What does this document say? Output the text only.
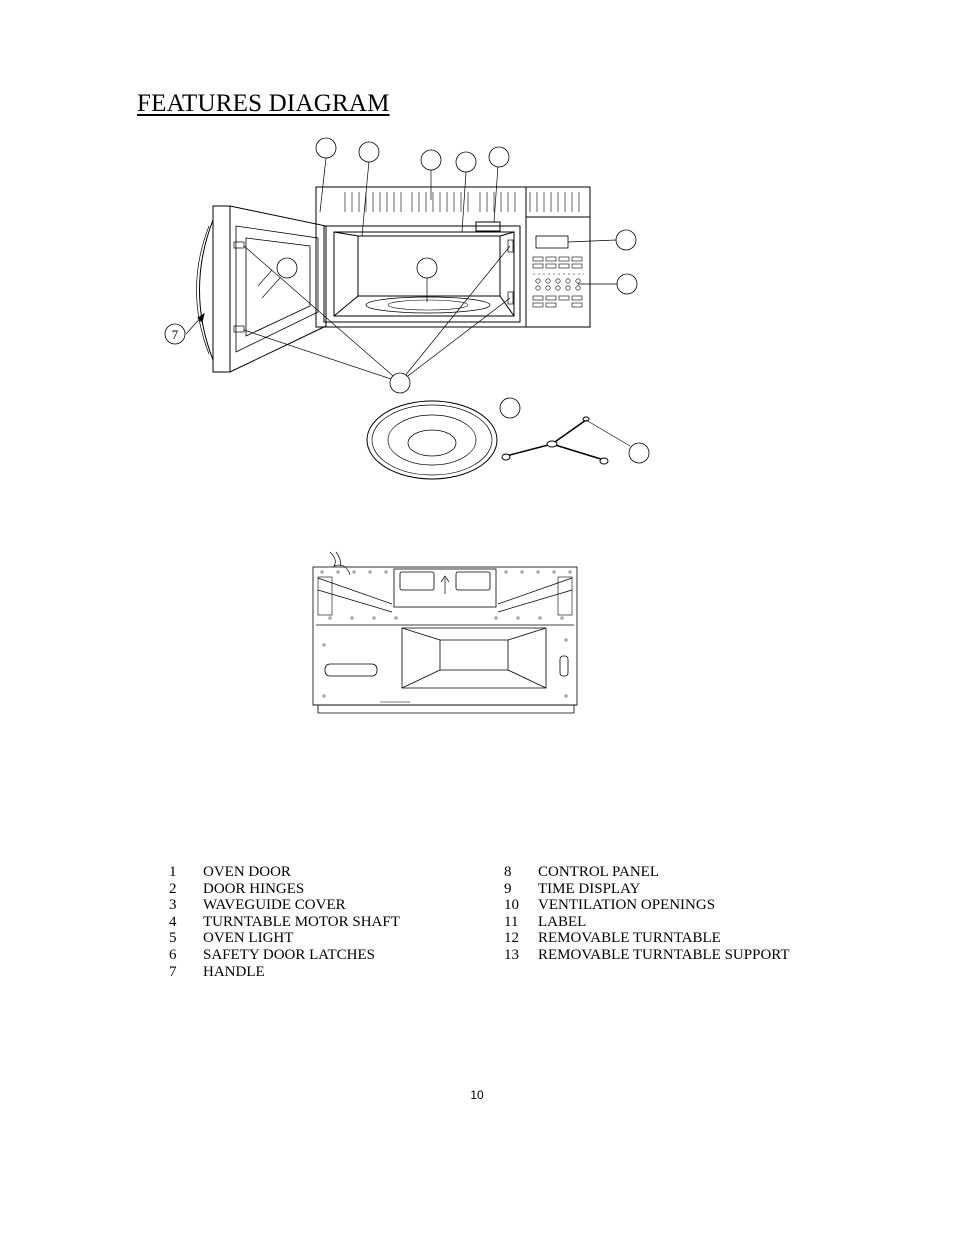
FEATURES DIAGRAM
7
1	OVEN DOOR
2	DOOR HINGES
3	WAVEGUIDE COVER
4	TURNTABLE MOTOR SHAFT
5	OVEN LIGHT
6	SAFETY DOOR LATCHES
7	HANDLE
8	CONTROL PANEL
9	TIME DISPLAY
10	VENTILATION OPENINGS
11	LABEL
12	REMOVABLE TURNTABLE
13	REMOVABLE TURNTABLE SUPPORT
10
